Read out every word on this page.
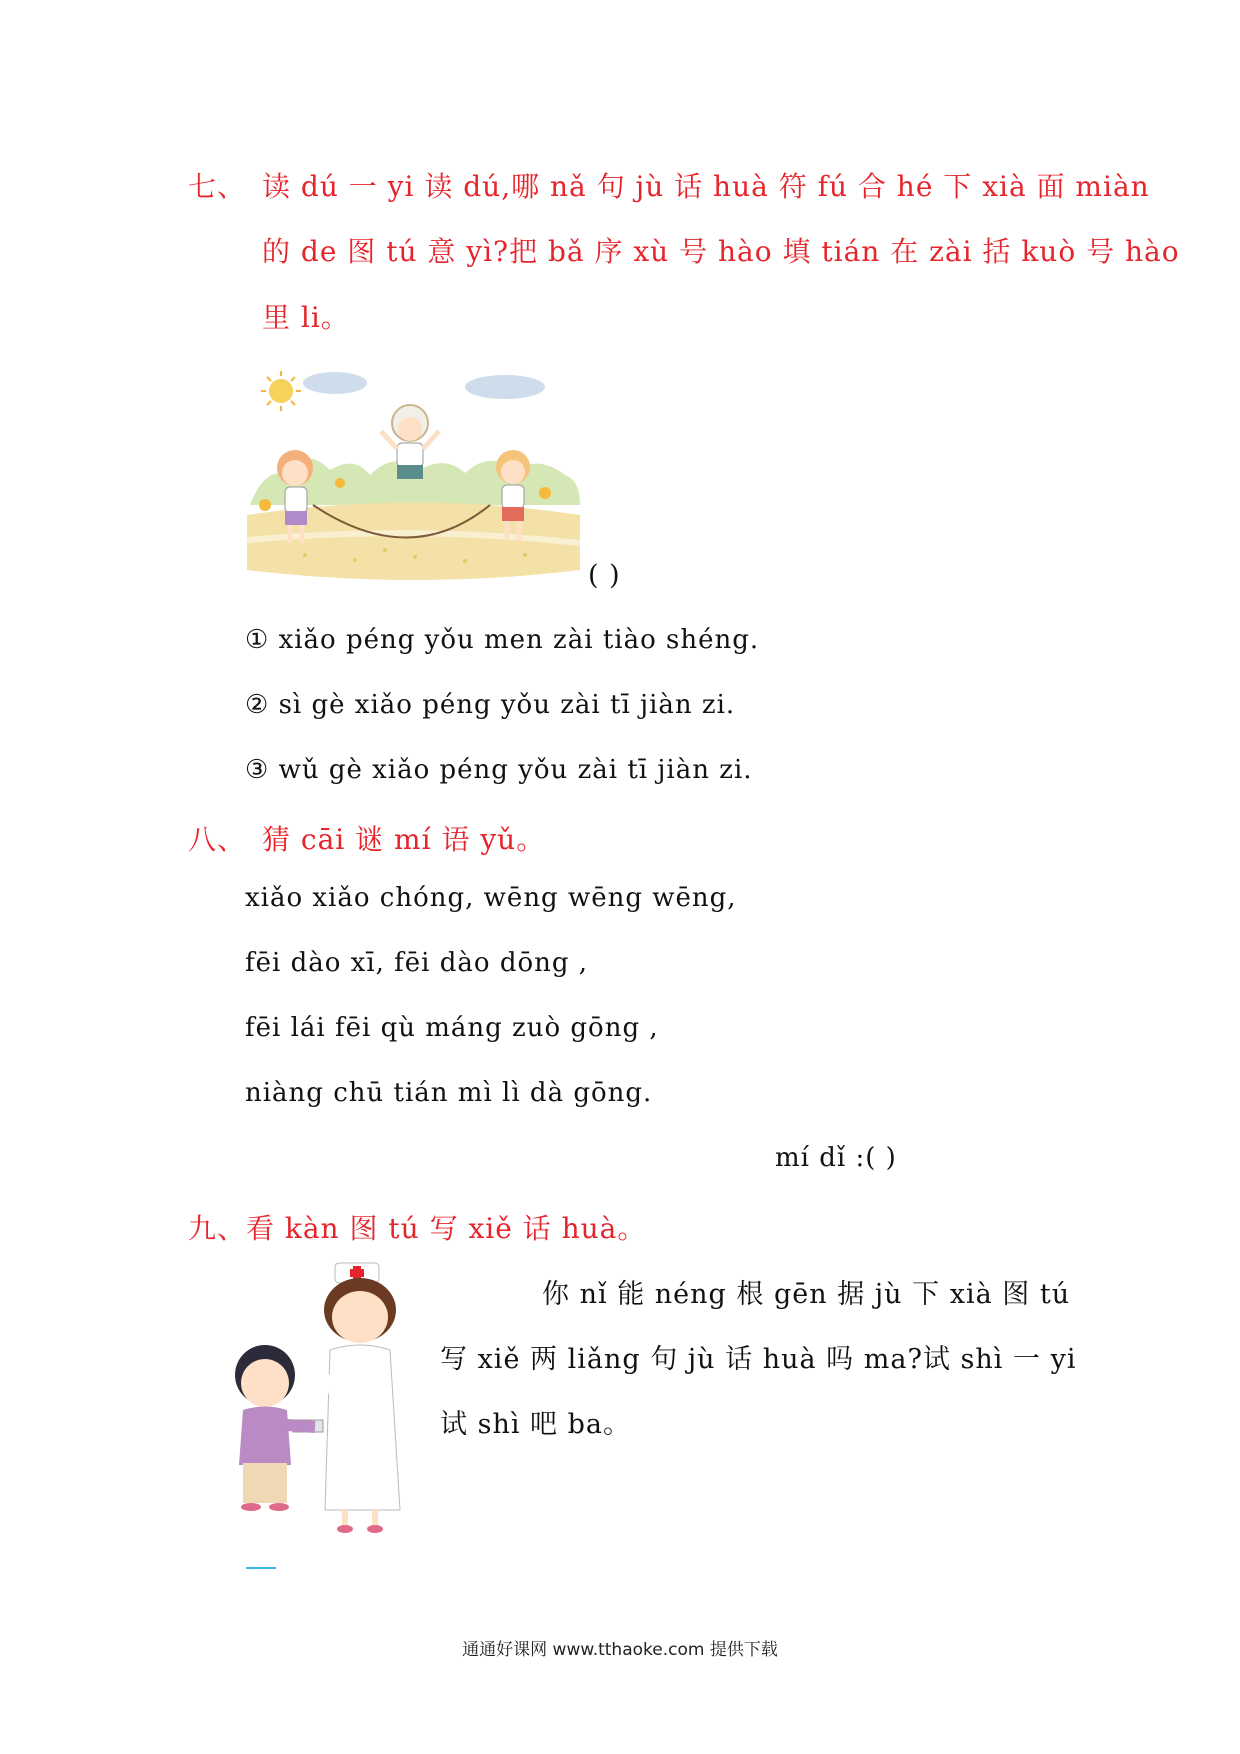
七、 读 dú 一 yi 读 dú,哪 nǎ 句 jù 话 huà 符 fú 合 hé 下 xià 面 miàn
的 de 图 tú 意 yì?把 bǎ 序 xù 号 hào 填 tián 在 zài 括 kuò 号 hào
里 li。
( )
① xiǎo péng yǒu men zài tiào shéng.
② sì gè xiǎo péng yǒu zài tī jiàn zi.
③ wǔ gè xiǎo péng yǒu zài tī jiàn zi.
八、 猜 cāi 谜 mí 语 yǔ。
xiǎo xiǎo chóng, wēng wēng wēng,
fēi dào xī, fēi dào dōng ,
fēi lái fēi qù máng zuò gōng ,
niàng chū tián mì lì dà gōng.
mí dǐ :( )
九、看 kàn 图 tú 写 xiě 话 huà。
你 nǐ 能 néng 根 gēn 据 jù 下 xià 图 tú
写 xiě 两 liǎng 句 jù 话 huà 吗 ma?试 shì 一 yi
试 shì 吧 ba。
通通好课网 www.tthaoke.com 提供下载
